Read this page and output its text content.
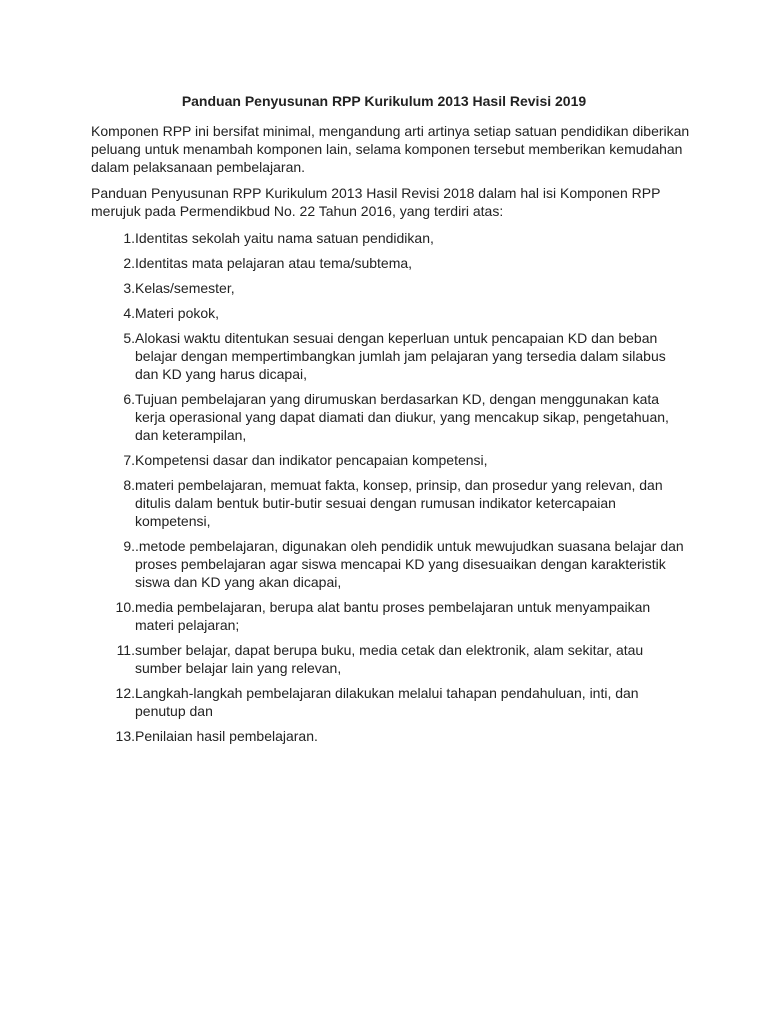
Panduan Penyusunan RPP Kurikulum 2013 Hasil Revisi 2019

Komponen RPP ini bersifat minimal, mengandung arti artinya setiap satuan pendidikan diberikan peluang untuk menambah komponen lain, selama komponen tersebut memberikan kemudahan dalam pelaksanaan pembelajaran.

Panduan Penyusunan RPP Kurikulum 2013 Hasil Revisi 2018 dalam hal isi Komponen RPP merujuk pada Permendikbud No. 22 Tahun 2016, yang terdiri atas:

1. Identitas sekolah yaitu nama satuan pendidikan,
2. Identitas mata pelajaran atau tema/subtema,
3. Kelas/semester,
4. Materi pokok,
5. Alokasi waktu ditentukan sesuai dengan keperluan untuk pencapaian KD dan beban belajar dengan mempertimbangkan jumlah jam pelajaran yang tersedia dalam silabus dan KD yang harus dicapai,
6. Tujuan pembelajaran yang dirumuskan berdasarkan KD, dengan menggunakan kata kerja operasional yang dapat diamati dan diukur, yang mencakup sikap, pengetahuan, dan keterampilan,
7. Kompetensi dasar dan indikator pencapaian kompetensi,
8. materi pembelajaran, memuat fakta, konsep, prinsip, dan prosedur yang relevan, dan ditulis dalam bentuk butir-butir sesuai dengan rumusan indikator ketercapaian kompetensi,
9. .metode pembelajaran, digunakan oleh pendidik untuk mewujudkan suasana belajar dan proses pembelajaran agar siswa mencapai KD yang disesuaikan dengan karakteristik siswa dan KD yang akan dicapai,
10. media pembelajaran, berupa alat bantu proses pembelajaran untuk menyampaikan materi pelajaran;
11. sumber belajar, dapat berupa buku, media cetak dan elektronik, alam sekitar, atau sumber belajar lain yang relevan,
12. Langkah-langkah pembelajaran dilakukan melalui tahapan pendahuluan, inti, dan penutup dan
13. Penilaian hasil pembelajaran.
